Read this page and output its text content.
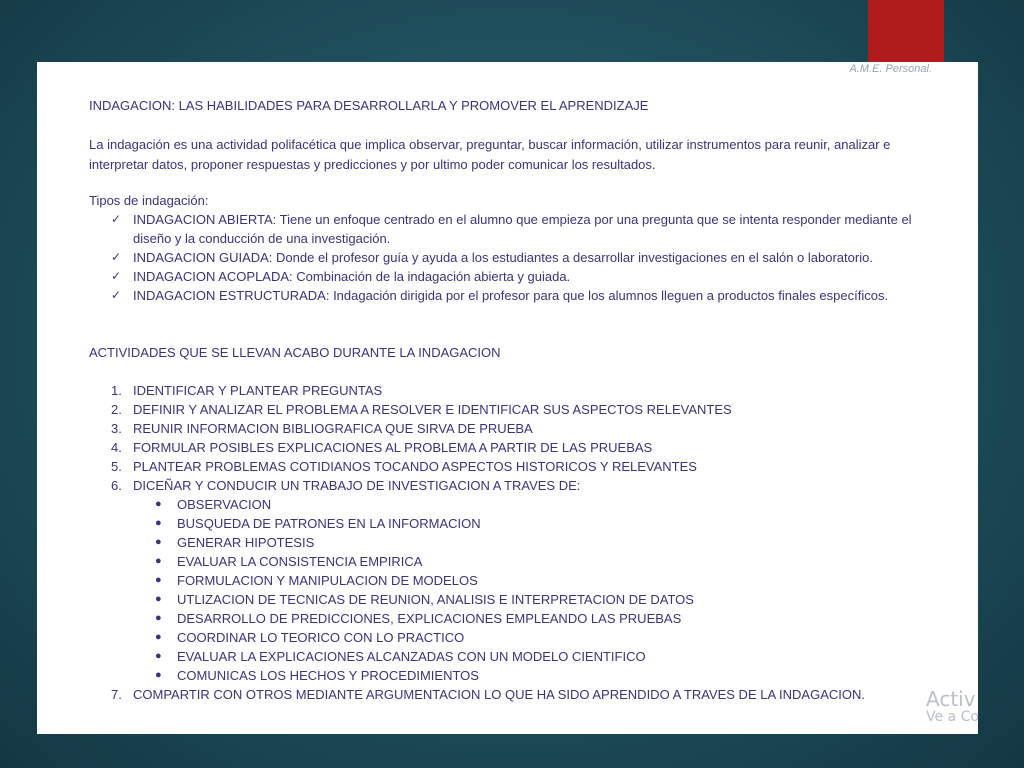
A.M.E. Personal.
INDAGACION: LAS HABILIDADES PARA DESARROLLARLA Y PROMOVER EL APRENDIZAJE
La indagación es una actividad polifacética que implica observar, preguntar, buscar información, utilizar instrumentos para reunir, analizar e interpretar datos, proponer respuestas y predicciones y por ultimo poder comunicar los resultados.
Tipos de indagación:
✓ INDAGACION ABIERTA: Tiene un enfoque centrado en el alumno que empieza por una pregunta que se intenta responder mediante el diseño y la conducción de una investigación.
✓ INDAGACION GUIADA: Donde el profesor guía y ayuda a los estudiantes a desarrollar investigaciones en el salón o laboratorio.
✓ INDAGACION ACOPLADA: Combinación de la indagación abierta y guiada.
✓ INDAGACION ESTRUCTURADA: Indagación dirigida por el profesor para que los alumnos lleguen a productos finales específicos.
ACTIVIDADES QUE SE LLEVAN ACABO DURANTE LA INDAGACION
1. IDENTIFICAR Y PLANTEAR PREGUNTAS
2. DEFINIR Y ANALIZAR EL PROBLEMA A RESOLVER E IDENTIFICAR SUS ASPECTOS RELEVANTES
3. REUNIR INFORMACION BIBLIOGRAFICA QUE SIRVA DE PRUEBA
4. FORMULAR POSIBLES EXPLICACIONES AL PROBLEMA A PARTIR DE LAS PRUEBAS
5. PLANTEAR PROBLEMAS COTIDIANOS TOCANDO ASPECTOS HISTORICOS Y RELEVANTES
6. DICEÑAR Y CONDUCIR UN TRABAJO DE INVESTIGACION A TRAVES DE:
● OBSERVACION
● BUSQUEDA DE PATRONES EN LA INFORMACION
● GENERAR HIPOTESIS
● EVALUAR LA CONSISTENCIA EMPIRICA
● FORMULACION Y MANIPULACION DE MODELOS
● UTLIZACION DE TECNICAS DE REUNION, ANALISIS E INTERPRETACION DE DATOS
● DESARROLLO DE PREDICCIONES, EXPLICACIONES EMPLEANDO LAS PRUEBAS
● COORDINAR LO TEORICO CON LO PRACTICO
● EVALUAR LA EXPLICACIONES ALCANZADAS CON UN MODELO CIENTIFICO
● COMUNICAS LOS HECHOS Y PROCEDIMIENTOS
7. COMPARTIR CON OTROS MEDIANTE ARGUMENTACION LO QUE HA SIDO APRENDIDO A TRAVES DE LA INDAGACION.	Activ
Ve a Co
